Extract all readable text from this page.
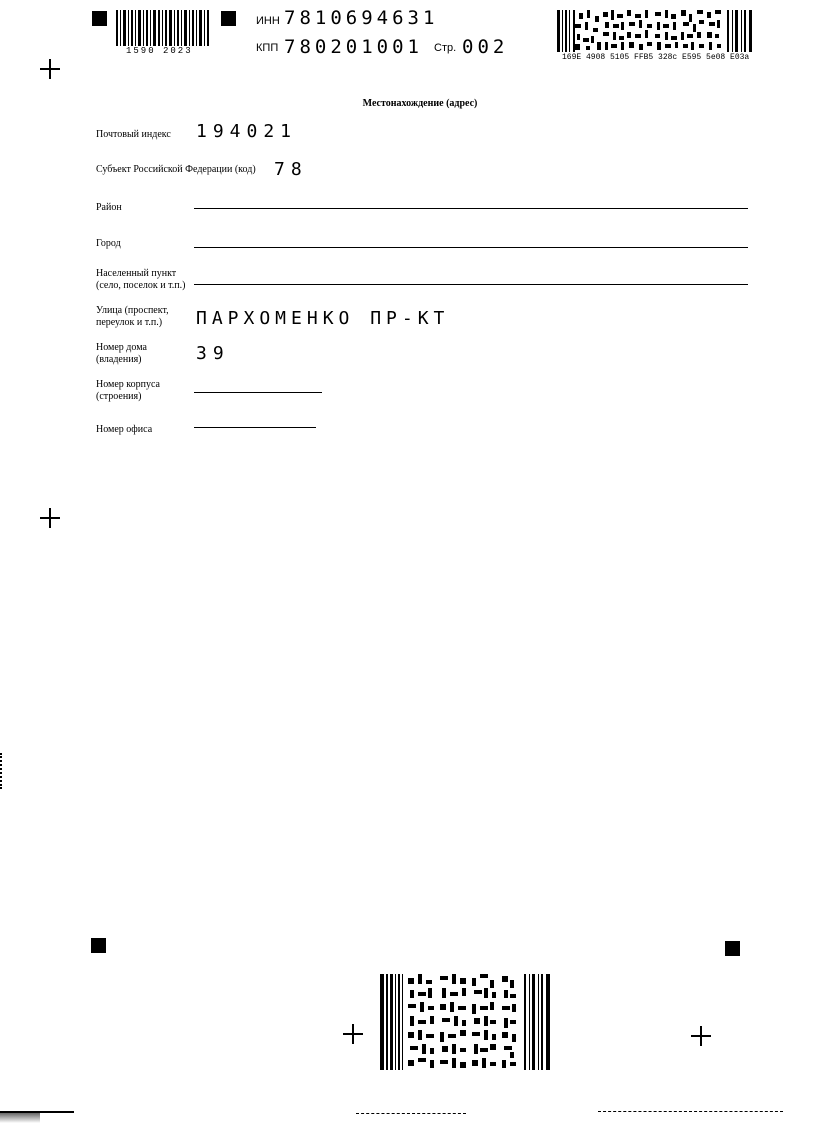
1590 2023
ИНН 7810694631
КПП 780201001 Стр. 002	169E 4908 5105 FFB5 328c E595 5e08 E03a
Местонахождение (адрес)
Почтовый индекс 194021
Субъект Российской Федерации (код)	78
Район
Город
Населенный пункт (село, поселок и т.п.)
Улица (проспект, переулок и т.п.)	ПАРХОМЕНКО ПР-КТ
Номер дома (владения)	39
Номер корпуса (строения)
Номер офиса
